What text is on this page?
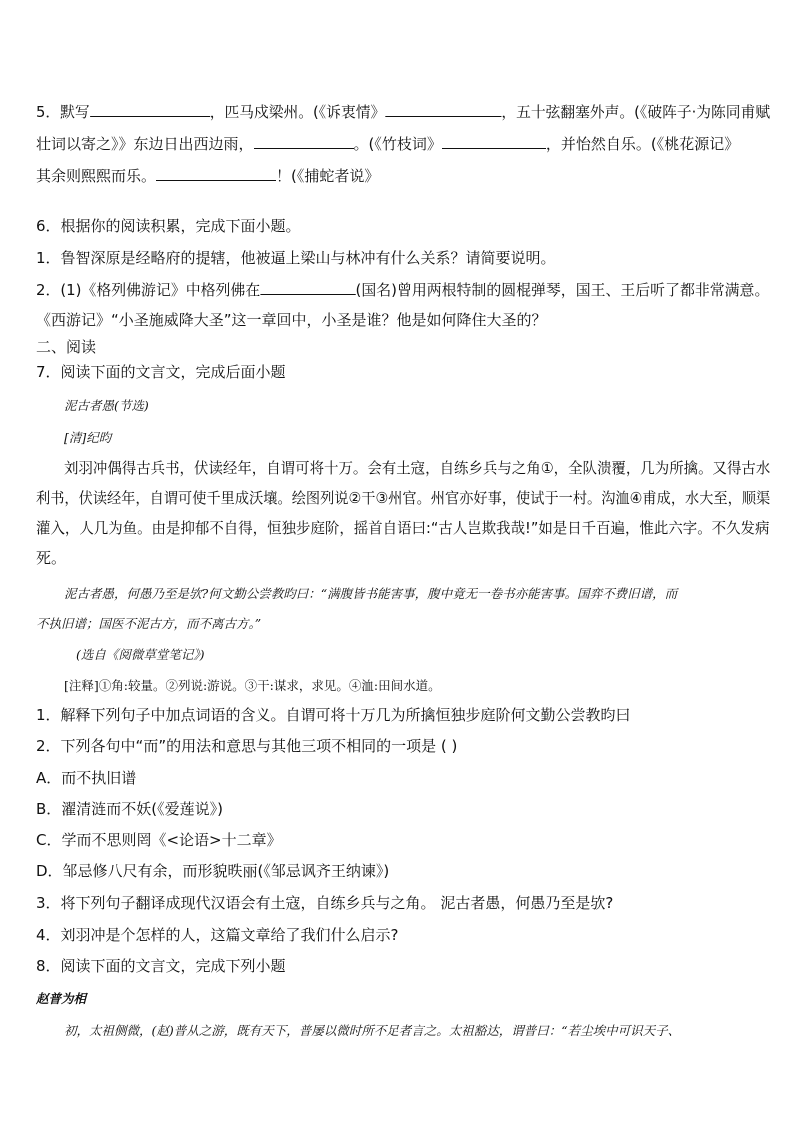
5．默写	，匹马戍梁州。(《诉衷情》	，五十弦翻塞外声。(《破阵子·为陈同甫赋
壮词以寄之》》东边日出西边雨，	。(《竹枝词》	，并怡然自乐。(《桃花源记》
其余则熙熙而乐。	！(《捕蛇者说》
6．根据你的阅读积累，完成下面小题。
1．鲁智深原是经略府的提辖，他被逼上梁山与林冲有什么关系？请简要说明。
2．(1)《格列佛游记》中格列佛在	(国名)曾用两根特制的圆棍弹琴，国王、王后听了都非常满意。
《西游记》“小圣施威降大圣”这一章回中，小圣是谁？他是如何降住大圣的？
二、阅读
7．阅读下面的文言文，完成后面小题
泥古者愚(节选)
[清]纪昀
刘羽冲偶得古兵书，伏读经年，自谓可将十万。会有土寇，自练乡兵与之角①，全队溃覆，几为所擒。又得古水
利书，伏读经年，自谓可使千里成沃壤。绘图列说②干③州官。州官亦好事，使试于一村。沟洫④甫成，水大至，顺渠
灌入，人几为鱼。由是抑郁不自得，恒独步庭阶，摇首自语曰:“古人岂欺我哉!”如是日千百遍，惟此六字。不久发病
死。
泥古者愚，何愚乃至是欤?何文勤公尝教昀曰：“满腹皆书能害事，腹中竟无一卷书亦能害事。国弈不费旧谱，而
不执旧谱；国医不泥古方，而不离古方。”
(选自《阅微草堂笔记》)
[注释]①角:较量。②列说:游说。③干:谋求，求见。④洫:田间水道。
1．解释下列句子中加点词语的含义。自谓可将十万几为所擒恒独步庭阶何文勤公尝教昀曰
2．下列各句中“而”的用法和意思与其他三项不相同的一项是 ( )
A．而不执旧谱
B．濯清涟而不妖(《爱莲说》)
C．学而不思则罔《<论语>十二章》
D．邹忌修八尺有余，而形貌昳丽(《邹忌讽齐王纳谏》)
3．将下列句子翻译成现代汉语会有土寇，自练乡兵与之角。 泥古者愚，何愚乃至是欤?
4．刘羽冲是个怎样的人，这篇文章给了我们什么启示?
8．阅读下面的文言文，完成下列小题
赵普为相
初，太祖侧微，(赵)普从之游，既有天下，普屡以微时所不足者言之。太祖豁达，谓普曰：“若尘埃中可识天子、
